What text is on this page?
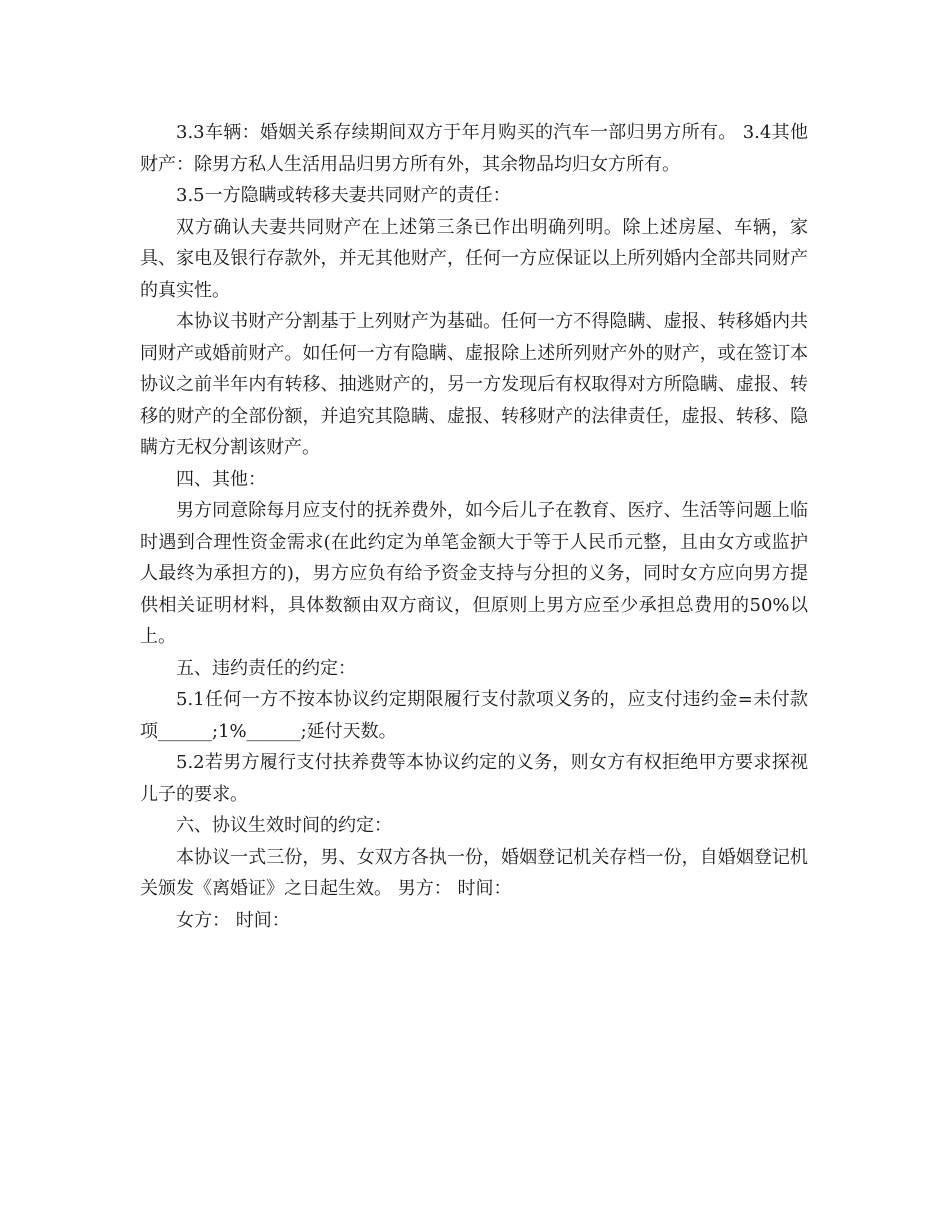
3.3车辆：婚姻关系存续期间双方于年月购买的汽车一部归男方所有。 3.4其他财产：除男方私人生活用品归男方所有外，其余物品均归女方所有。

3.5一方隐瞒或转移夫妻共同财产的责任：

双方确认夫妻共同财产在上述第三条已作出明确列明。除上述房屋、车辆，家具、家电及银行存款外，并无其他财产，任何一方应保证以上所列婚内全部共同财产的真实性。

本协议书财产分割基于上列财产为基础。任何一方不得隐瞒、虚报、转移婚内共同财产或婚前财产。如任何一方有隐瞒、虚报除上述所列财产外的财产，或在签订本协议之前半年内有转移、抽逃财产的，另一方发现后有权取得对方所隐瞒、虚报、转移的财产的全部份额，并追究其隐瞒、虚报、转移财产的法律责任，虚报、转移、隐瞒方无权分割该财产。

四、其他：

男方同意除每月应支付的抚养费外，如今后儿子在教育、医疗、生活等问题上临时遇到合理性资金需求(在此约定为单笔金额大于等于人民币元整，且由女方或监护人最终为承担方的)，男方应负有给予资金支持与分担的义务，同时女方应向男方提供相关证明材料，具体数额由双方商议，但原则上男方应至少承担总费用的50%以上。

五、违约责任的约定：

5.1任何一方不按本协议约定期限履行支付款项义务的，应支付违约金=未付款项______;1%______;延付天数。

5.2若男方履行支付扶养费等本协议约定的义务，则女方有权拒绝甲方要求探视儿子的要求。

六、协议生效时间的约定：

本协议一式三份，男、女双方各执一份，婚姻登记机关存档一份，自婚姻登记机关颁发《离婚证》之日起生效。 男方： 时间：

女方： 时间：
